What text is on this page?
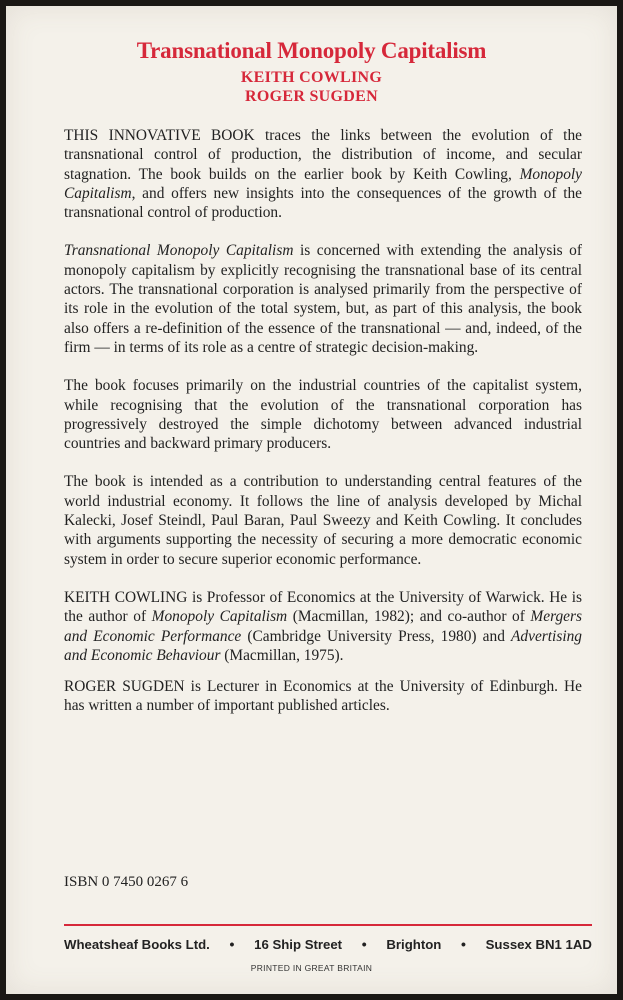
Transnational Monopoly Capitalism
KEITH COWLING
ROGER SUGDEN

THIS INNOVATIVE BOOK traces the links between the evolution of the transnational control of production, the distribution of income, and secular stagnation. The book builds on the earlier book by Keith Cowling, Monopoly Capitalism, and offers new insights into the consequences of the growth of the transnational control of production.

Transnational Monopoly Capitalism is concerned with extending the analysis of monopoly capitalism by explicitly recognising the transnational base of its central actors. The transnational corporation is analysed primarily from the perspective of its role in the evolution of the total system, but, as part of this analysis, the book also offers a re-definition of the essence of the transnational — and, indeed, of the firm — in terms of its role as a centre of strategic decision-making.

The book focuses primarily on the industrial countries of the capitalist system, while recognising that the evolution of the transnational corporation has progressively destroyed the simple dichotomy between advanced industrial countries and backward primary producers.

The book is intended as a contribution to understanding central features of the world industrial economy. It follows the line of analysis developed by Michal Kalecki, Josef Steindl, Paul Baran, Paul Sweezy and Keith Cowling. It concludes with arguments supporting the necessity of securing a more democratic economic system in order to secure superior economic performance.

KEITH COWLING is Professor of Economics at the University of Warwick. He is the author of Monopoly Capitalism (Macmillan, 1982); and co-author of Mergers and Economic Performance (Cambridge University Press, 1980) and Advertising and Economic Behaviour (Macmillan, 1975).

ROGER SUGDEN is Lecturer in Economics at the University of Edinburgh. He has written a number of important published articles.

ISBN 0 7450 0267 6
Wheatsheaf Books Ltd. • 16 Ship Street • Brighton • Sussex BN1 1AD
PRINTED IN GREAT BRITAIN
